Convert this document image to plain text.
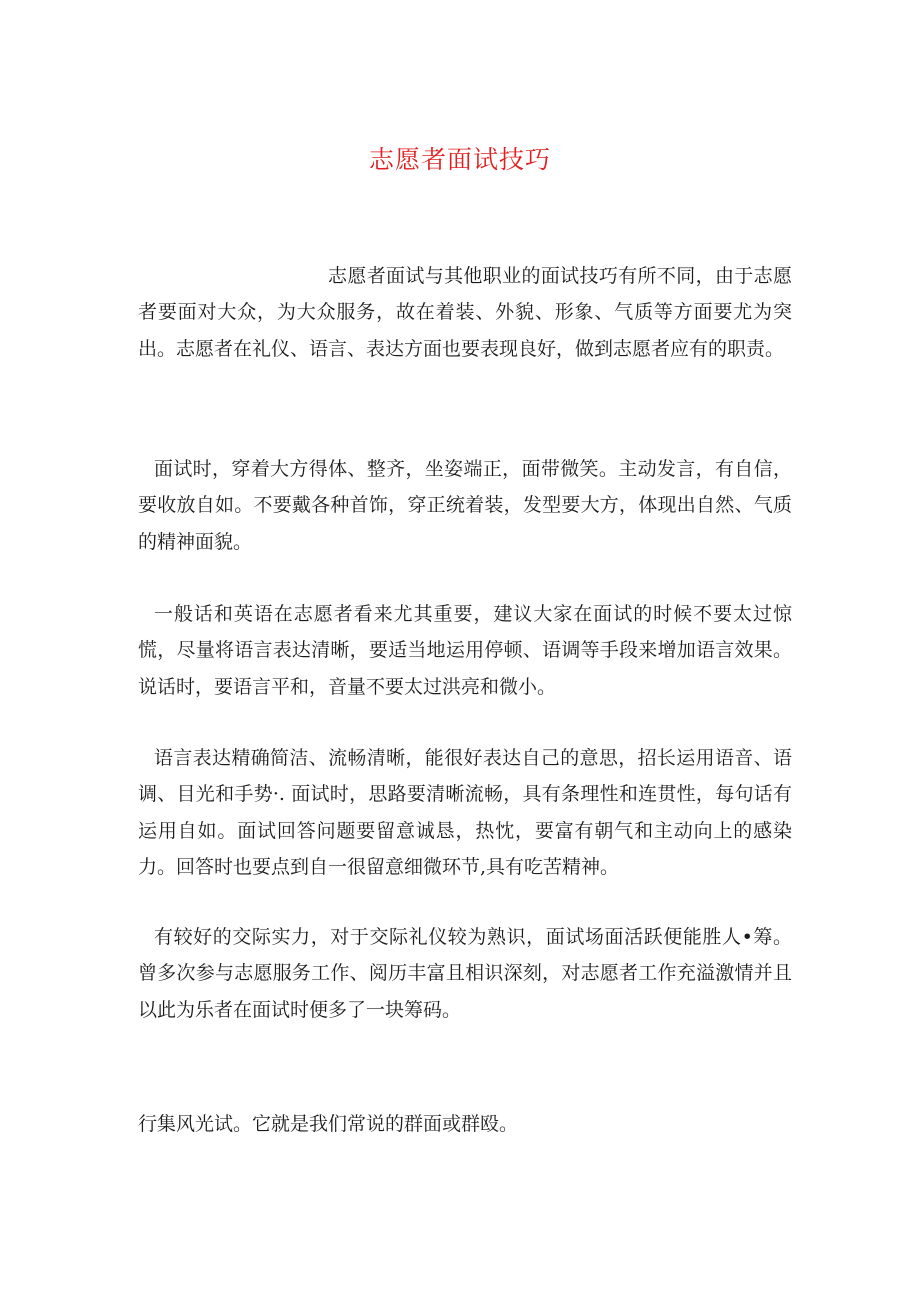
志愿者面试技巧

志愿者面试与其他职业的面试技巧有所不同，由于志愿者要面对大众，为大众服务，故在着装、外貌、形象、气质等方面要尤为突出。志愿者在礼仪、语言、表达方面也要表现良好，做到志愿者应有的职责。

面试时，穿着大方得体、整齐，坐姿端正，面带微笑。主动发言，有自信，要收放自如。不要戴各种首饰，穿正统着装，发型要大方，体现出自然、气质的精神面貌。

一般话和英语在志愿者看来尤其重要，建议大家在面试的时候不要太过惊慌，尽量将语言表达清晰，要适当地运用停顿、语调等手段来增加语言效果。说话时，要语言平和，音量不要太过洪亮和微小。

语言表达精确简洁、流畅清晰，能很好表达自己的意思，招长运用语音、语调、目光和手势·. 面试时，思路要清晰流畅，具有条理性和连贯性，每句话有运用自如。面试回答问题要留意诚恳，热忱，要富有朝气和主动向上的感染力。回答时也要点到自一很留意细微环节,具有吃苦精神。

有较好的交际实力，对于交际礼仪较为熟识，面试场面活跃便能胜人•筹。曾多次参与志愿服务工作、阅历丰富且相识深刻，对志愿者工作充溢激情并且以此为乐者在面试时便多了一块筹码。

行集风光试。它就是我们常说的群面或群殴。
